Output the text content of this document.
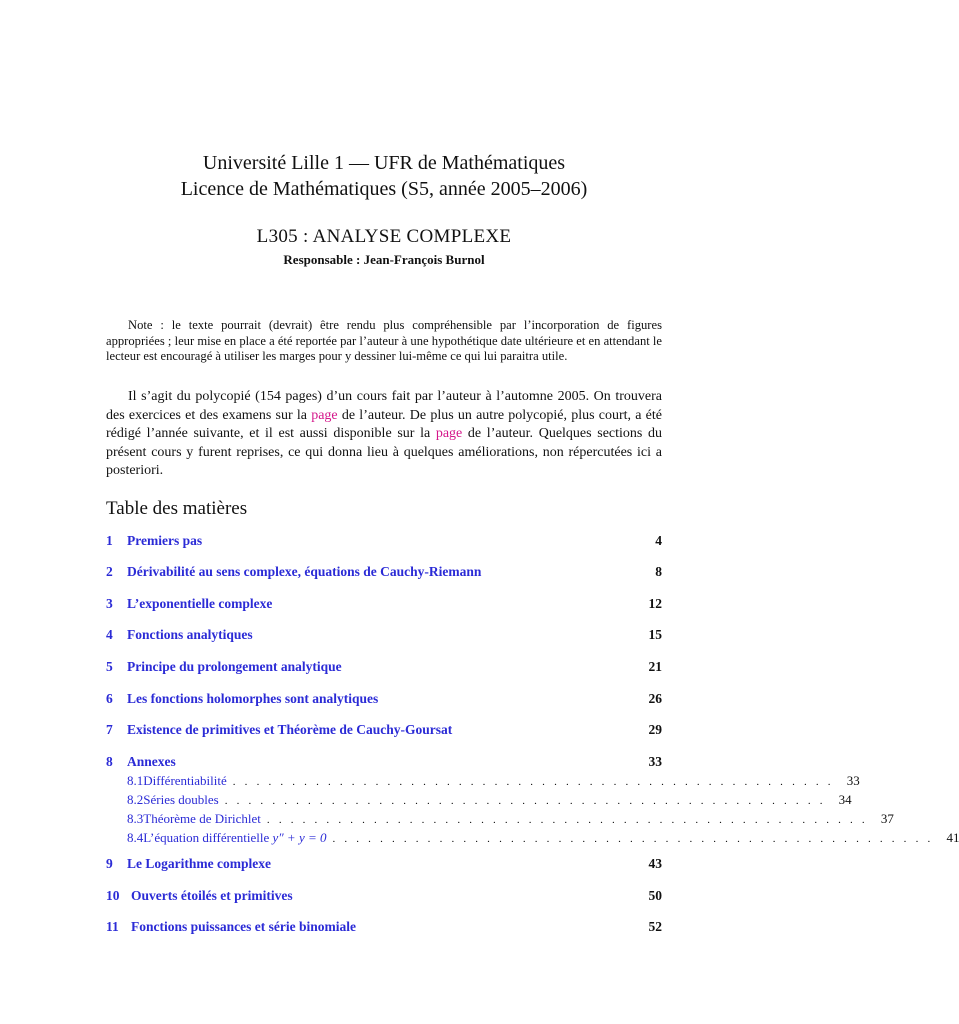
Université Lille 1 — UFR de Mathématiques
Licence de Mathématiques (S5, année 2005–2006)
L305 : ANALYSE COMPLEXE
Responsable : Jean-François Burnol
Note : le texte pourrait (devrait) être rendu plus compréhensible par l’incorporation de figures appropriées ; leur mise en place a été reportée par l’auteur à une hypothétique date ultérieure et en attendant le lecteur est encouragé à utiliser les marges pour y dessiner lui-même ce qui lui paraitra utile.
Il s’agit du polycopié (154 pages) d’un cours fait par l’auteur à l’automne 2005. On trouvera des exercices et des examens sur la page de l’auteur. De plus un autre polycopié, plus court, a été rédigé l’année suivante, et il est aussi disponible sur la page de l’auteur. Quelques sections du présent cours y furent reprises, ce qui donna lieu à quelques améliorations, non répercutées ici a posteriori.
Table des matières
1	Premiers pas	4
2	Dérivabilité au sens complexe, équations de Cauchy-Riemann	8
3	L’exponentielle complexe	12
4	Fonctions analytiques	15
5	Principe du prolongement analytique	21
6	Les fonctions holomorphes sont analytiques	26
7	Existence de primitives et Théorème de Cauchy-Goursat	29
8	Annexes	33
8.1 Différentiabilité . . . . . . . . . . . . . . . . . . . . . . . . . . . . . . . . . . . . . . . . . . . . . . . . . . .	33
8.2 Séries doubles . . . . . . . . . . . . . . . . . . . . . . . . . . . . . . . . . . . . . . . . . . . . . . . . . . .	34
8.3 Théorème de Dirichlet . . . . . . . . . . . . . . . . . . . . . . . . . . . . . . . . . . . . . . . . . . . . . . . . . . .	37
8.4 L’équation différentielle y″ + y = 0 . . . . . . . . . . . . . . . . . . . . . . . . . . . . . . . . . . . . . . . . . . . . . . . . . . .	41
9	Le Logarithme complexe	43
10 Ouverts étoilés et primitives	50
11 Fonctions puissances et série binomiale	52
